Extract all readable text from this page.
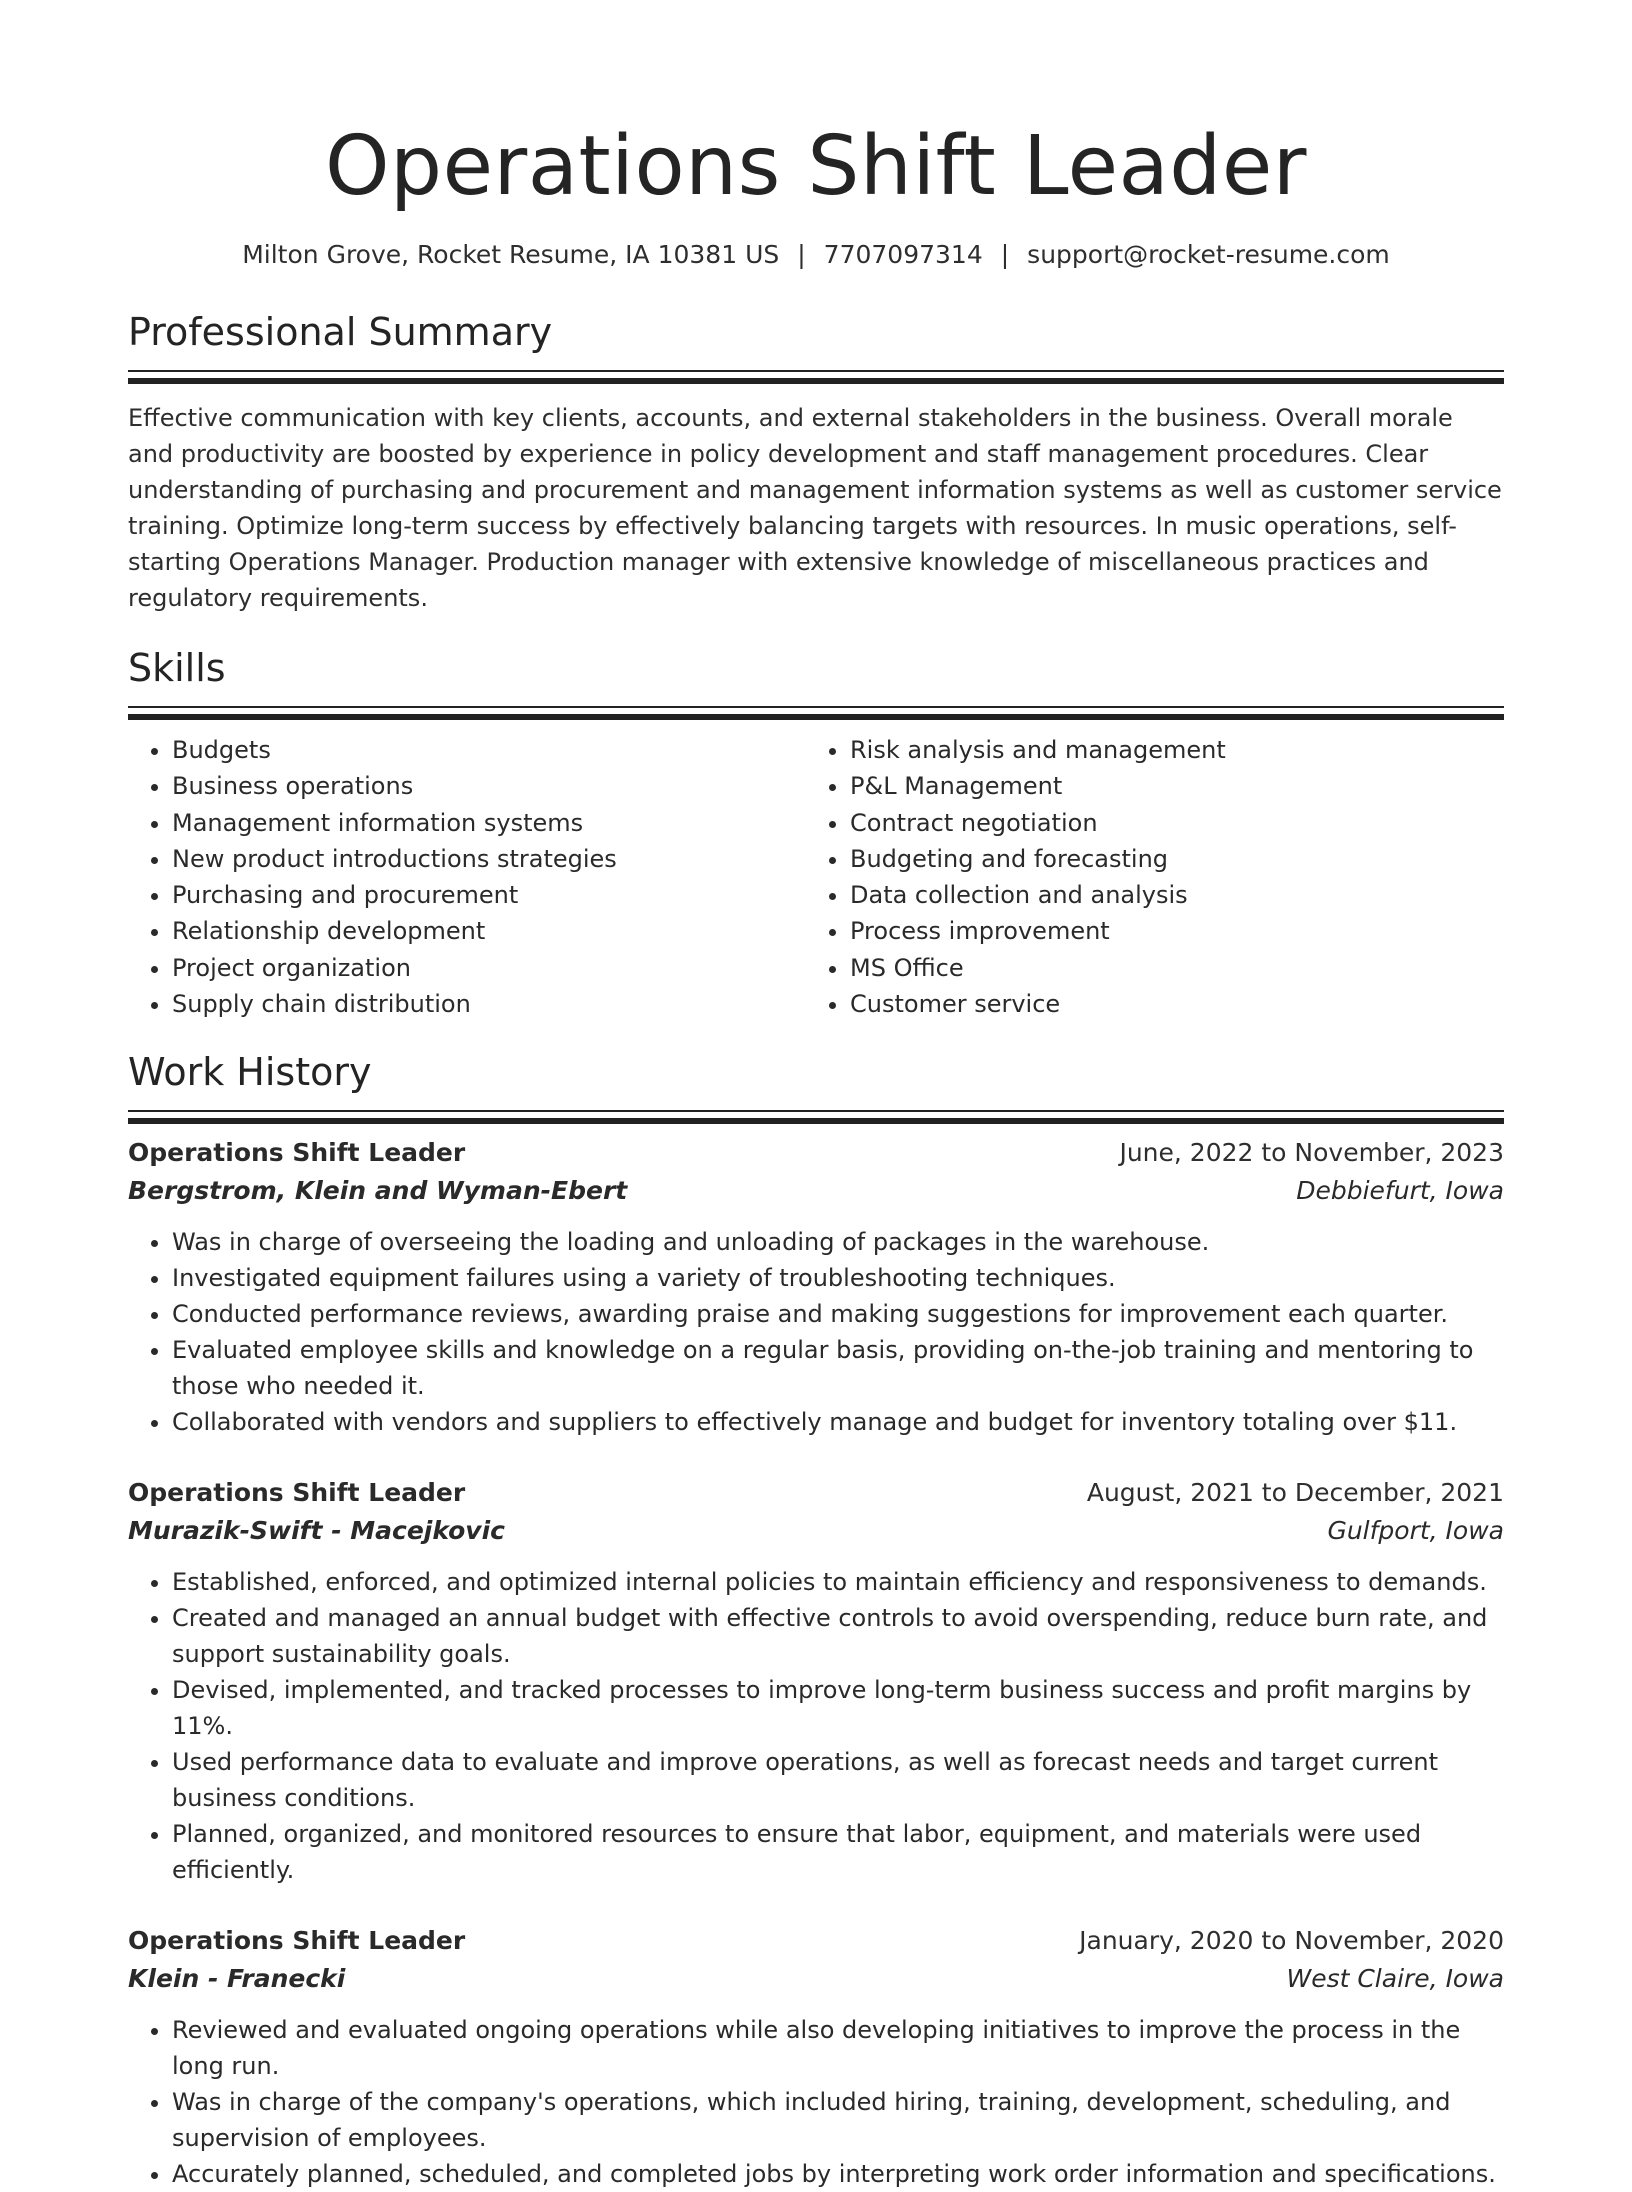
Operations Shift Leader
Milton Grove, Rocket Resume, IA 10381 US | 7707097314 | support@rocket-resume.com
Professional Summary

Effective communication with key clients, accounts, and external stakeholders in the business. Overall morale and productivity are boosted by experience in policy development and staff management procedures. Clear understanding of purchasing and procurement and management information systems as well as customer service training. Optimize long-term success by effectively balancing targets with resources. In music operations, self-starting Operations Manager. Production manager with extensive knowledge of miscellaneous practices and regulatory requirements.

Skills
• Budgets
• Business operations
• Management information systems
• New product introductions strategies
• Purchasing and procurement
• Relationship development
• Project organization
• Supply chain distribution
• Risk analysis and management
• P&L Management
• Contract negotiation
• Budgeting and forecasting
• Data collection and analysis
• Process improvement
• MS Office
• Customer service
Work History
Operations Shift Leader	June, 2022 to November, 2023
Bergstrom, Klein and Wyman-Ebert	Debbiefurt, Iowa
• Was in charge of overseeing the loading and unloading of packages in the warehouse.
• Investigated equipment failures using a variety of troubleshooting techniques.
• Conducted performance reviews, awarding praise and making suggestions for improvement each quarter.
• Evaluated employee skills and knowledge on a regular basis, providing on-the-job training and mentoring to those who needed it.
• Collaborated with vendors and suppliers to effectively manage and budget for inventory totaling over $11.
Operations Shift Leader	August, 2021 to December, 2021
Murazik-Swift - Macejkovic	Gulfport, Iowa
• Established, enforced, and optimized internal policies to maintain efficiency and responsiveness to demands.
• Created and managed an annual budget with effective controls to avoid overspending, reduce burn rate, and support sustainability goals.
• Devised, implemented, and tracked processes to improve long-term business success and profit margins by 11%.
• Used performance data to evaluate and improve operations, as well as forecast needs and target current business conditions.
• Planned, organized, and monitored resources to ensure that labor, equipment, and materials were used efficiently.
Operations Shift Leader	January, 2020 to November, 2020
Klein - Franecki	West Claire, Iowa
• Reviewed and evaluated ongoing operations while also developing initiatives to improve the process in the long run.
• Was in charge of the company's operations, which included hiring, training, development, scheduling, and supervision of employees.
• Accurately planned, scheduled, and completed jobs by interpreting work order information and specifications.
